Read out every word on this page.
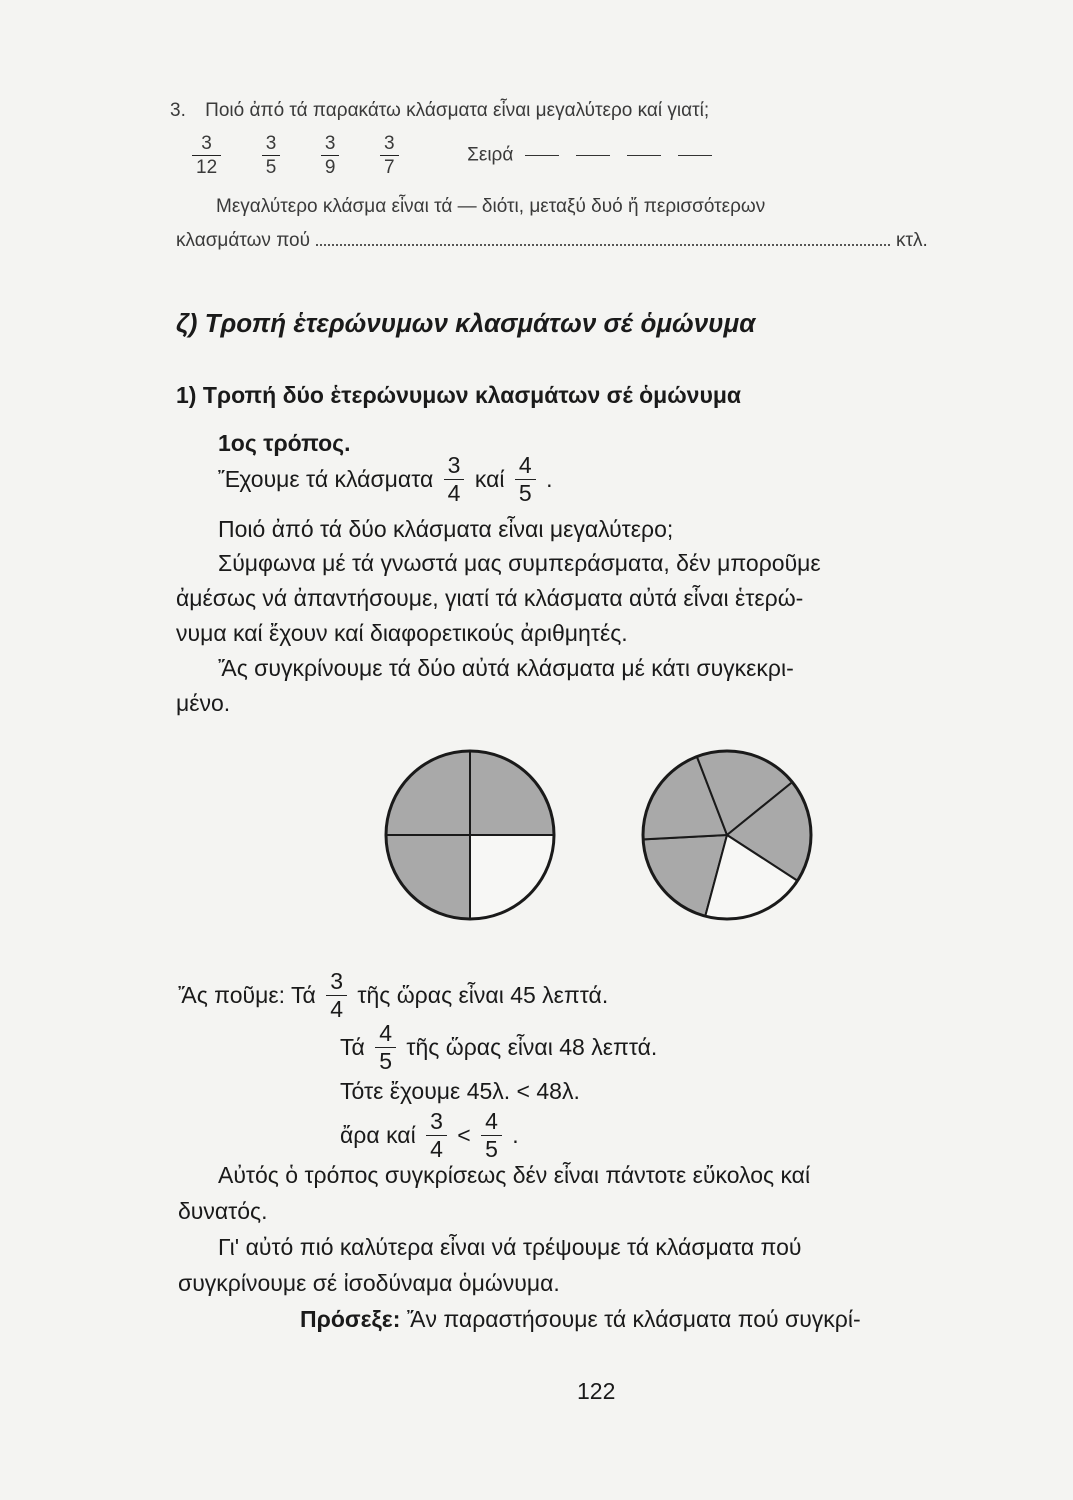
3. Ποιό ἀπό τά παρακάτω κλάσματα εἶναι μεγαλύτερο καί γιατί;
$\frac{3}{12}$
$\frac{3}{5}$
$\frac{3}{9}$
$\frac{3}{7}$	Σειρά
Μεγαλύτερο κλάσμα εἶναι τά — διότι, μεταξύ δυό ἤ περισσότερων
κλασμάτων πού	κτλ.
ζ) Τροπή ἑτερώνυμων κλασμάτων σέ ὁμώνυμα
1) Τροπή δύο ἑτερώνυμων κλασμάτων σέ ὁμώνυμα
1ος τρόπος.
Ἔχουμε τά κλάσματα $\frac{3}{4}$ καί $\frac{4}{5}$ .
Ποιό ἀπό τά δύο κλάσματα εἶναι μεγαλύτερο;
Σύμφωνα μέ τά γνωστά μας συμπεράσματα, δέν μποροῦμε
ἀμέσως νά ἀπαντήσουμε, γιατί τά κλάσματα αὐτά εἶναι ἑτερώ-
νυμα καί ἔχουν καί διαφορετικούς ἀριθμητές.
Ἄς συγκρίνουμε τά δύο αὐτά κλάσματα μέ κάτι συγκεκρι-
μένο.
Ἄς ποῦμε: Τά $\frac{3}{4}$ τῆς ὥρας εἶναι 45 λεπτά.
Τά $\frac{4}{5}$ τῆς ὥρας εἶναι 48 λεπτά.
Τότε ἔχουμε 45λ. < 48λ.
ἄρα καί $\frac{3}{4} < \frac{4}{5}$ .
Αὐτός ὁ τρόπος συγκρίσεως δέν εἶναι πάντοτε εὔκολος καί
δυνατός.
Γι' αὐτό πιό καλύτερα εἶναι νά τρέψουμε τά κλάσματα πού
συγκρίνουμε σέ ἰσοδύναμα ὁμώνυμα.
Πρόσεξε: Ἄν παραστήσουμε τά κλάσματα πού συγκρί-
122
